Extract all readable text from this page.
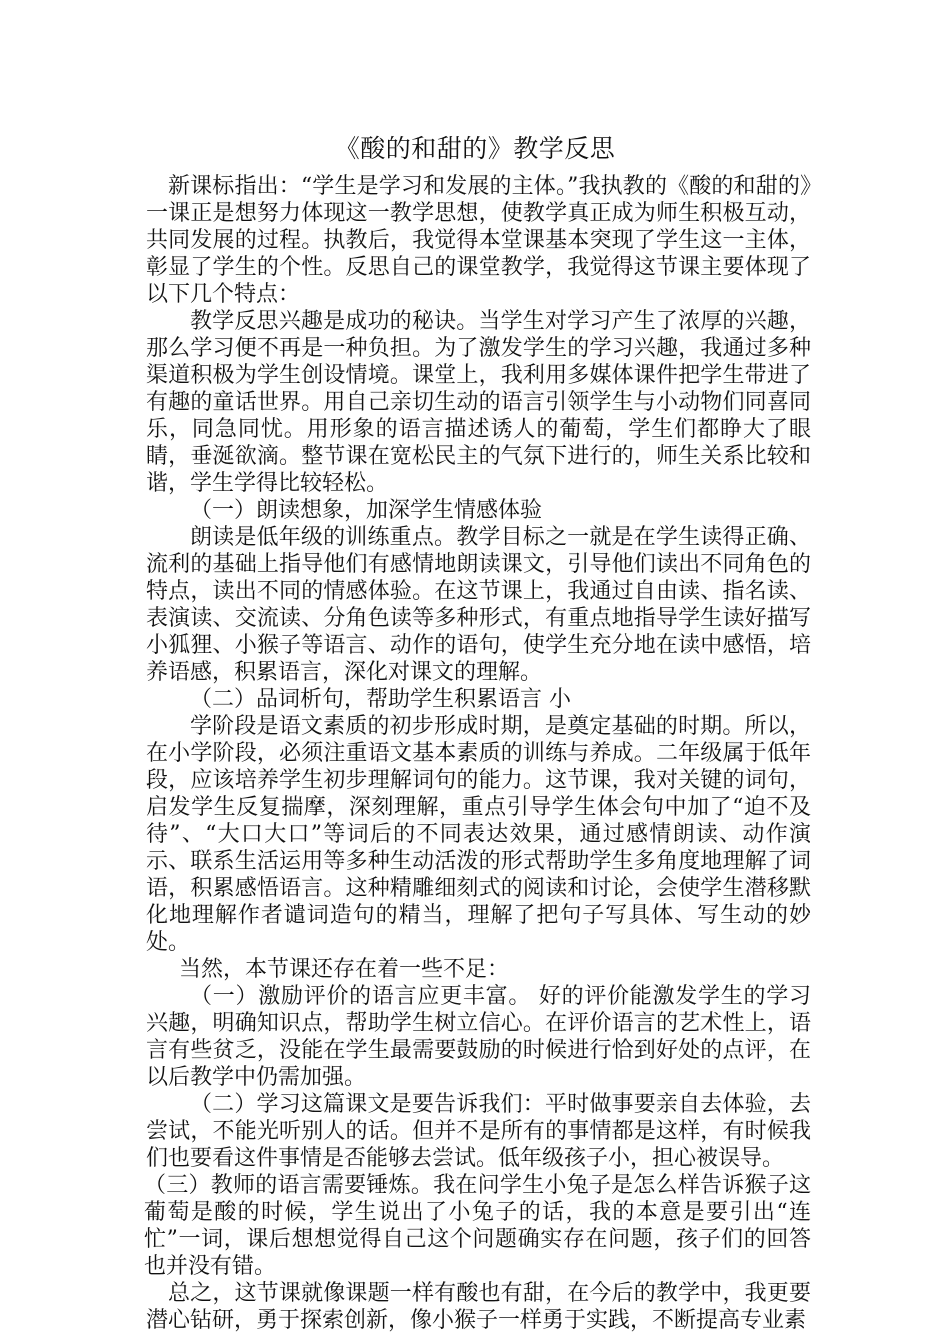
《酸的和甜的》教学反思

新课标指出：“学生是学习和发展的主体。”我执教的《酸的和甜的》一课正是想努力体现这一教学思想，使教学真正成为师生积极互动，共同发展的过程。执教后，我觉得本堂课基本突现了学生这一主体，彰显了学生的个性。反思自己的课堂教学，我觉得这节课主要体现了以下几个特点：

教学反思兴趣是成功的秘诀。当学生对学习产生了浓厚的兴趣，那么学习便不再是一种负担。为了激发学生的学习兴趣，我通过多种渠道积极为学生创设情境。课堂上，我利用多媒体课件把学生带进了有趣的童话世界。用自己亲切生动的语言引领学生与小动物们同喜同乐，同急同忧。用形象的语言描述诱人的葡萄，学生们都睁大了眼睛，垂涎欲滴。整节课在宽松民主的气氛下进行的，师生关系比较和谐，学生学得比较轻松。

（一）朗读想象，加深学生情感体验

朗读是低年级的训练重点。教学目标之一就是在学生读得正确、流利的基础上指导他们有感情地朗读课文，引导他们读出不同角色的特点，读出不同的情感体验。在这节课上，我通过自由读、指名读、表演读、交流读、分角色读等多种形式，有重点地指导学生读好描写小狐狸、小猴子等语言、动作的语句，使学生充分地在读中感悟，培养语感，积累语言，深化对课文的理解。

（二）品词析句，帮助学生积累语言 小

学阶段是语文素质的初步形成时期，是奠定基础的时期。所以，在小学阶段，必须注重语文基本素质的训练与养成。二年级属于低年段，应该培养学生初步理解词句的能力。这节课，我对关键的词句，启发学生反复揣摩，深刻理解，重点引导学生体会句中加了“迫不及待”、“大口大口”等词后的不同表达效果，通过感情朗读、动作演示、联系生活运用等多种生动活泼的形式帮助学生多角度地理解了词语，积累感悟语言。这种精雕细刻式的阅读和讨论，会使学生潜移默化地理解作者谴词造句的精当，理解了把句子写具体、写生动的妙处。

当然，本节课还存在着一些不足：

（一）激励评价的语言应更丰富。 好的评价能激发学生的学习兴趣，明确知识点，帮助学生树立信心。在评价语言的艺术性上，语言有些贫乏，没能在学生最需要鼓励的时候进行恰到好处的点评，在以后教学中仍需加强。

（二）学习这篇课文是要告诉我们：平时做事要亲自去体验，去尝试，不能光听别人的话。但并不是所有的事情都是这样，有时候我们也要看这件事情是否能够去尝试。低年级孩子小，担心被误导。

（三）教师的语言需要锤炼。我在问学生小兔子是怎么样告诉猴子这葡萄是酸的时候，学生说出了小兔子的话，我的本意是要引出“连忙”一词，课后想想觉得自己这个问题确实存在问题，孩子们的回答也并没有错。

总之，这节课就像课题一样有酸也有甜，在今后的教学中，我更要潜心钻研，勇于探索创新，像小猴子一样勇于实践，不断提高专业素
